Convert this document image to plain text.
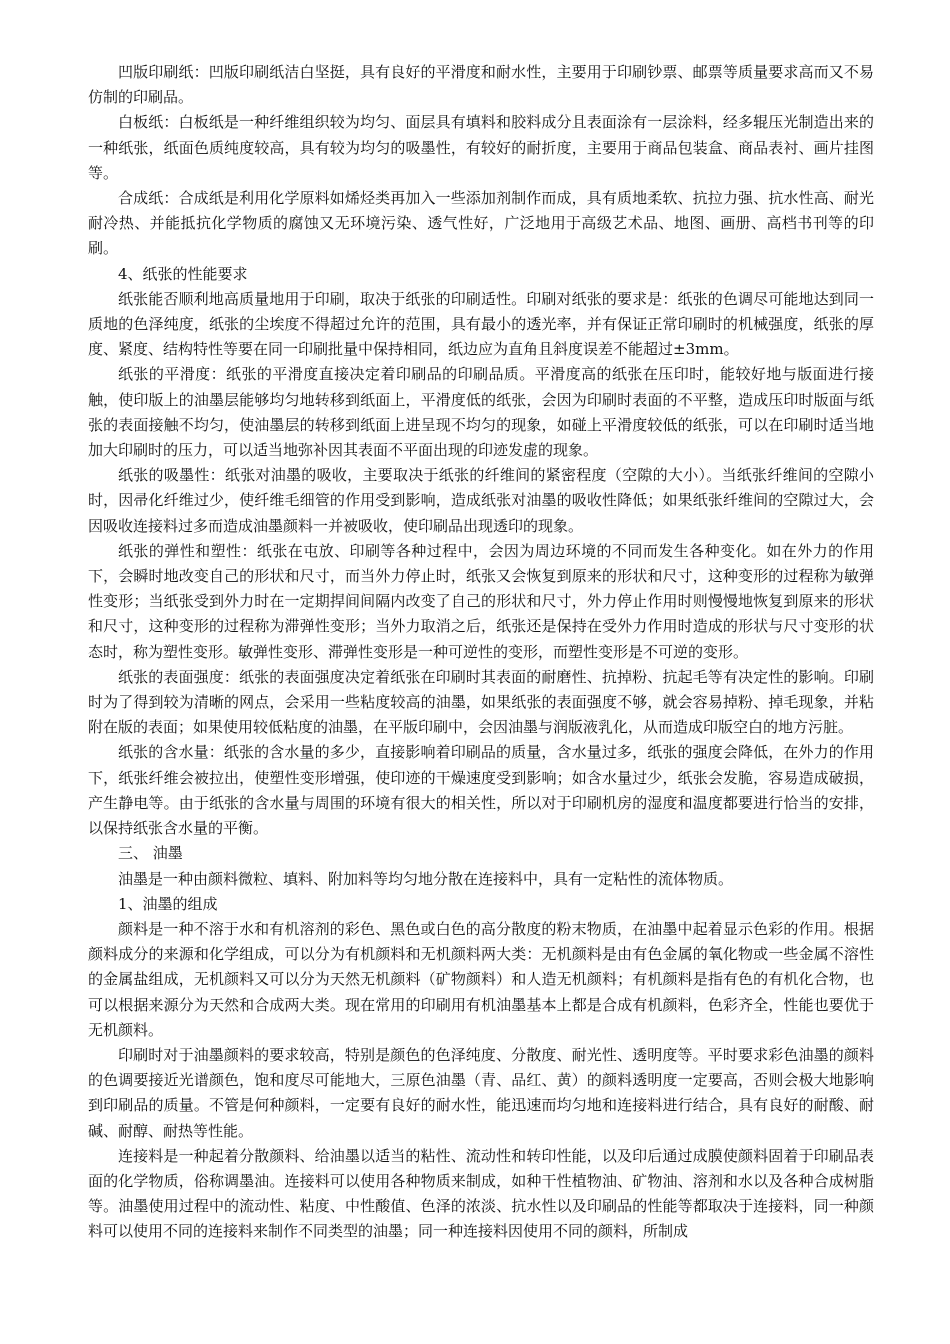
凹版印刷纸：凹版印刷纸洁白坚挺，具有良好的平滑度和耐水性，主要用于印刷钞票、邮票等质量要求高而又不易仿制的印刷品。

白板纸：白板纸是一种纤维组织较为均匀、面层具有填料和胶料成分且表面涂有一层涂料，经多辊压光制造出来的一种纸张，纸面色质纯度较高，具有较为均匀的吸墨性，有较好的耐折度，主要用于商品包装盒、商品表衬、画片挂图等。

合成纸：合成纸是利用化学原料如烯烃类再加入一些添加剂制作而成，具有质地柔软、抗拉力强、抗水性高、耐光耐冷热、并能抵抗化学物质的腐蚀又无环境污染、透气性好，广泛地用于高级艺术品、地图、画册、高档书刊等的印刷。

4、纸张的性能要求

纸张能否顺利地高质量地用于印刷，取决于纸张的印刷适性。印刷对纸张的要求是：纸张的色调尽可能地达到同一质地的色泽纯度，纸张的尘埃度不得超过允许的范围，具有最小的透光率，并有保证正常印刷时的机械强度，纸张的厚度、紧度、结构特性等要在同一印刷批量中保持相同，纸边应为直角且斜度误差不能超过±3mm。

纸张的平滑度：纸张的平滑度直接决定着印刷品的印刷品质。平滑度高的纸张在压印时，能较好地与版面进行接触，使印版上的油墨层能够均匀地转移到纸面上，平滑度低的纸张，会因为印刷时表面的不平整，造成压印时版面与纸张的表面接触不均匀，使油墨层的转移到纸面上进呈现不均匀的现象，如碰上平滑度较低的纸张，可以在印刷时适当地加大印刷时的压力，可以适当地弥补因其表面不平面出现的印迹发虚的现象。

纸张的吸墨性：纸张对油墨的吸收，主要取决于纸张的纤维间的紧密程度（空隙的大小）。当纸张纤维间的空隙小时，因帚化纤维过少，使纤维毛细管的作用受到影响，造成纸张对油墨的吸收性降低；如果纸张纤维间的空隙过大，会因吸收连接料过多而造成油墨颜料一并被吸收，使印刷品出现透印的现象。

纸张的弹性和塑性：纸张在屯放、印刷等各种过程中，会因为周边环境的不同而发生各种变化。如在外力的作用下，会瞬时地改变自己的形状和尺寸，而当外力停止时，纸张又会恢复到原来的形状和尺寸，这种变形的过程称为敏弹性变形；当纸张受到外力时在一定期捍间间隔内改变了自己的形状和尺寸，外力停止作用时则慢慢地恢复到原来的形状和尺寸，这种变形的过程称为滞弹性变形；当外力取消之后，纸张还是保持在受外力作用时造成的形状与尺寸变形的状态时，称为塑性变形。敏弹性变形、滞弹性变形是一种可逆性的变形，而塑性变形是不可逆的变形。

纸张的表面强度：纸张的表面强度决定着纸张在印刷时其表面的耐磨性、抗掉粉、抗起毛等有决定性的影响。印刷时为了得到较为清晰的网点，会采用一些粘度较高的油墨，如果纸张的表面强度不够，就会容易掉粉、掉毛现象，并粘附在版的表面；如果使用较低粘度的油墨，在平版印刷中，会因油墨与润版液乳化，从而造成印版空白的地方污脏。

纸张的含水量：纸张的含水量的多少，直接影响着印刷品的质量，含水量过多，纸张的强度会降低，在外力的作用下，纸张纤维会被拉出，使塑性变形增强，使印迹的干燥速度受到影响；如含水量过少，纸张会发脆，容易造成破损，产生静电等。由于纸张的含水量与周围的环境有很大的相关性，所以对于印刷机房的湿度和温度都要进行恰当的安排，以保持纸张含水量的平衡。

三、 油墨

油墨是一种由颜料微粒、填料、附加料等均匀地分散在连接料中，具有一定粘性的流体物质。

1、油墨的组成

颜料是一种不溶于水和有机溶剂的彩色、黑色或白色的高分散度的粉末物质，在油墨中起着显示色彩的作用。根据颜料成分的来源和化学组成，可以分为有机颜料和无机颜料两大类：无机颜料是由有色金属的氧化物或一些金属不溶性的金属盐组成，无机颜料又可以分为天然无机颜料（矿物颜料）和人造无机颜料；有机颜料是指有色的有机化合物，也可以根据来源分为天然和合成两大类。现在常用的印刷用有机油墨基本上都是合成有机颜料，色彩齐全，性能也要优于无机颜料。

印刷时对于油墨颜料的要求较高，特别是颜色的色泽纯度、分散度、耐光性、透明度等。平时要求彩色油墨的颜料的色调要接近光谱颜色，饱和度尽可能地大，三原色油墨（青、品红、黄）的颜料透明度一定要高，否则会极大地影响到印刷品的质量。不管是何种颜料，一定要有良好的耐水性，能迅速而均匀地和连接料进行结合，具有良好的耐酸、耐碱、耐醇、耐热等性能。

连接料是一种起着分散颜料、给油墨以适当的粘性、流动性和转印性能，以及印后通过成膜使颜料固着于印刷品表面的化学物质，俗称调墨油。连接料可以使用各种物质来制成，如种干性植物油、矿物油、溶剂和水以及各种合成树脂等。油墨使用过程中的流动性、粘度、中性酸值、色泽的浓淡、抗水性以及印刷品的性能等都取决于连接料，同一种颜料可以使用不同的连接料来制作不同类型的油墨；同一种连接料因使用不同的颜料，所制成
